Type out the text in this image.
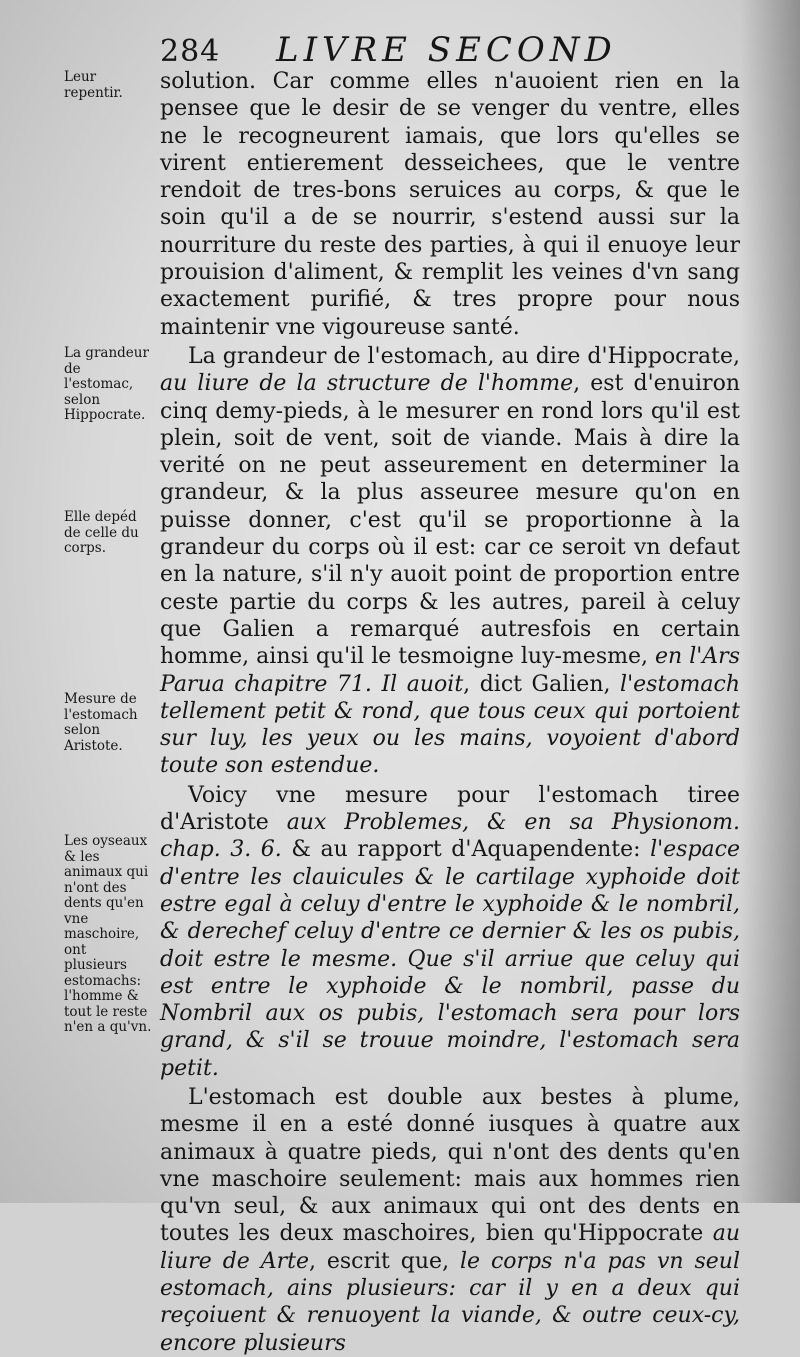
284 LIVRE SECOND
Leur repentir.
La grandeur de l'estomac, selon Hippocrate.
Elle depéd de celle du corps.
Mesure de l'estomach selon Aristote.
Les oyseaux & les animaux qui n'ont des dents qu'en vne maschoire, ont plusieurs estomachs: l'homme & tout le reste n'en a qu'vn.

solution. Car comme elles n'auoient rien en la pensee que le desir de se venger du ventre, elles ne le recogneurent iamais, que lors qu'elles se virent entierement desseichees, que le ventre rendoit de tres-bons seruices au corps, & que le soin qu'il a de se nourrir, s'estend aussi sur la nourriture du reste des parties, à qui il enuoye leur prouision d'aliment, & remplit les veines d'vn sang exactement purifié, & tres propre pour nous maintenir vne vigoureuse santé.

La grandeur de l'estomach, au dire d'Hippocrate, au liure de la structure de l'homme, est d'enuiron cinq demy-pieds, à le mesurer en rond lors qu'il est plein, soit de vent, soit de viande. Mais à dire la verité on ne peut asseurement en determiner la grandeur, & la plus asseuree mesure qu'on en puisse donner, c'est qu'il se proportionne à la grandeur du corps où il est: car ce seroit vn defaut en la nature, s'il n'y auoit point de proportion entre ceste partie du corps & les autres, pareil à celuy que Galien a remarqué autresfois en certain homme, ainsi qu'il le tesmoigne luy-mesme, en l'Ars Parua chapitre 71. Il auoit, dict Galien, l'estomach tellement petit & rond, que tous ceux qui portoient sur luy, les yeux ou les mains, voyoient d'abord toute son estendue.

Voicy vne mesure pour l'estomach tiree d'Aristote aux Problemes, & en sa Physionom. chap. 3. 6. & au rapport d'Aquapendente: l'espace d'entre les clauicules & le cartilage xyphoide doit estre egal à celuy d'entre le xyphoide & le nombril, & derechef celuy d'entre ce dernier & les os pubis, doit estre le mesme. Que s'il arriue que celuy qui est entre le xyphoide & le nombril, passe du Nombril aux os pubis, l'estomach sera pour lors grand, & s'il se trouue moindre, l'estomach sera petit.

L'estomach est double aux bestes à plume, mesme il en a esté donné iusques à quatre aux animaux à quatre pieds, qui n'ont des dents qu'en vne maschoire seulement: mais aux hommes rien qu'vn seul, & aux animaux qui ont des dents en toutes les deux maschoires, bien qu'Hippocrate au liure de Arte, escrit que, le corps n'a pas vn seul estomach, ains plusieurs: car il y en a deux qui reçoiuent & renuoyent la viande, & outre ceux-cy, encore plusieurs
